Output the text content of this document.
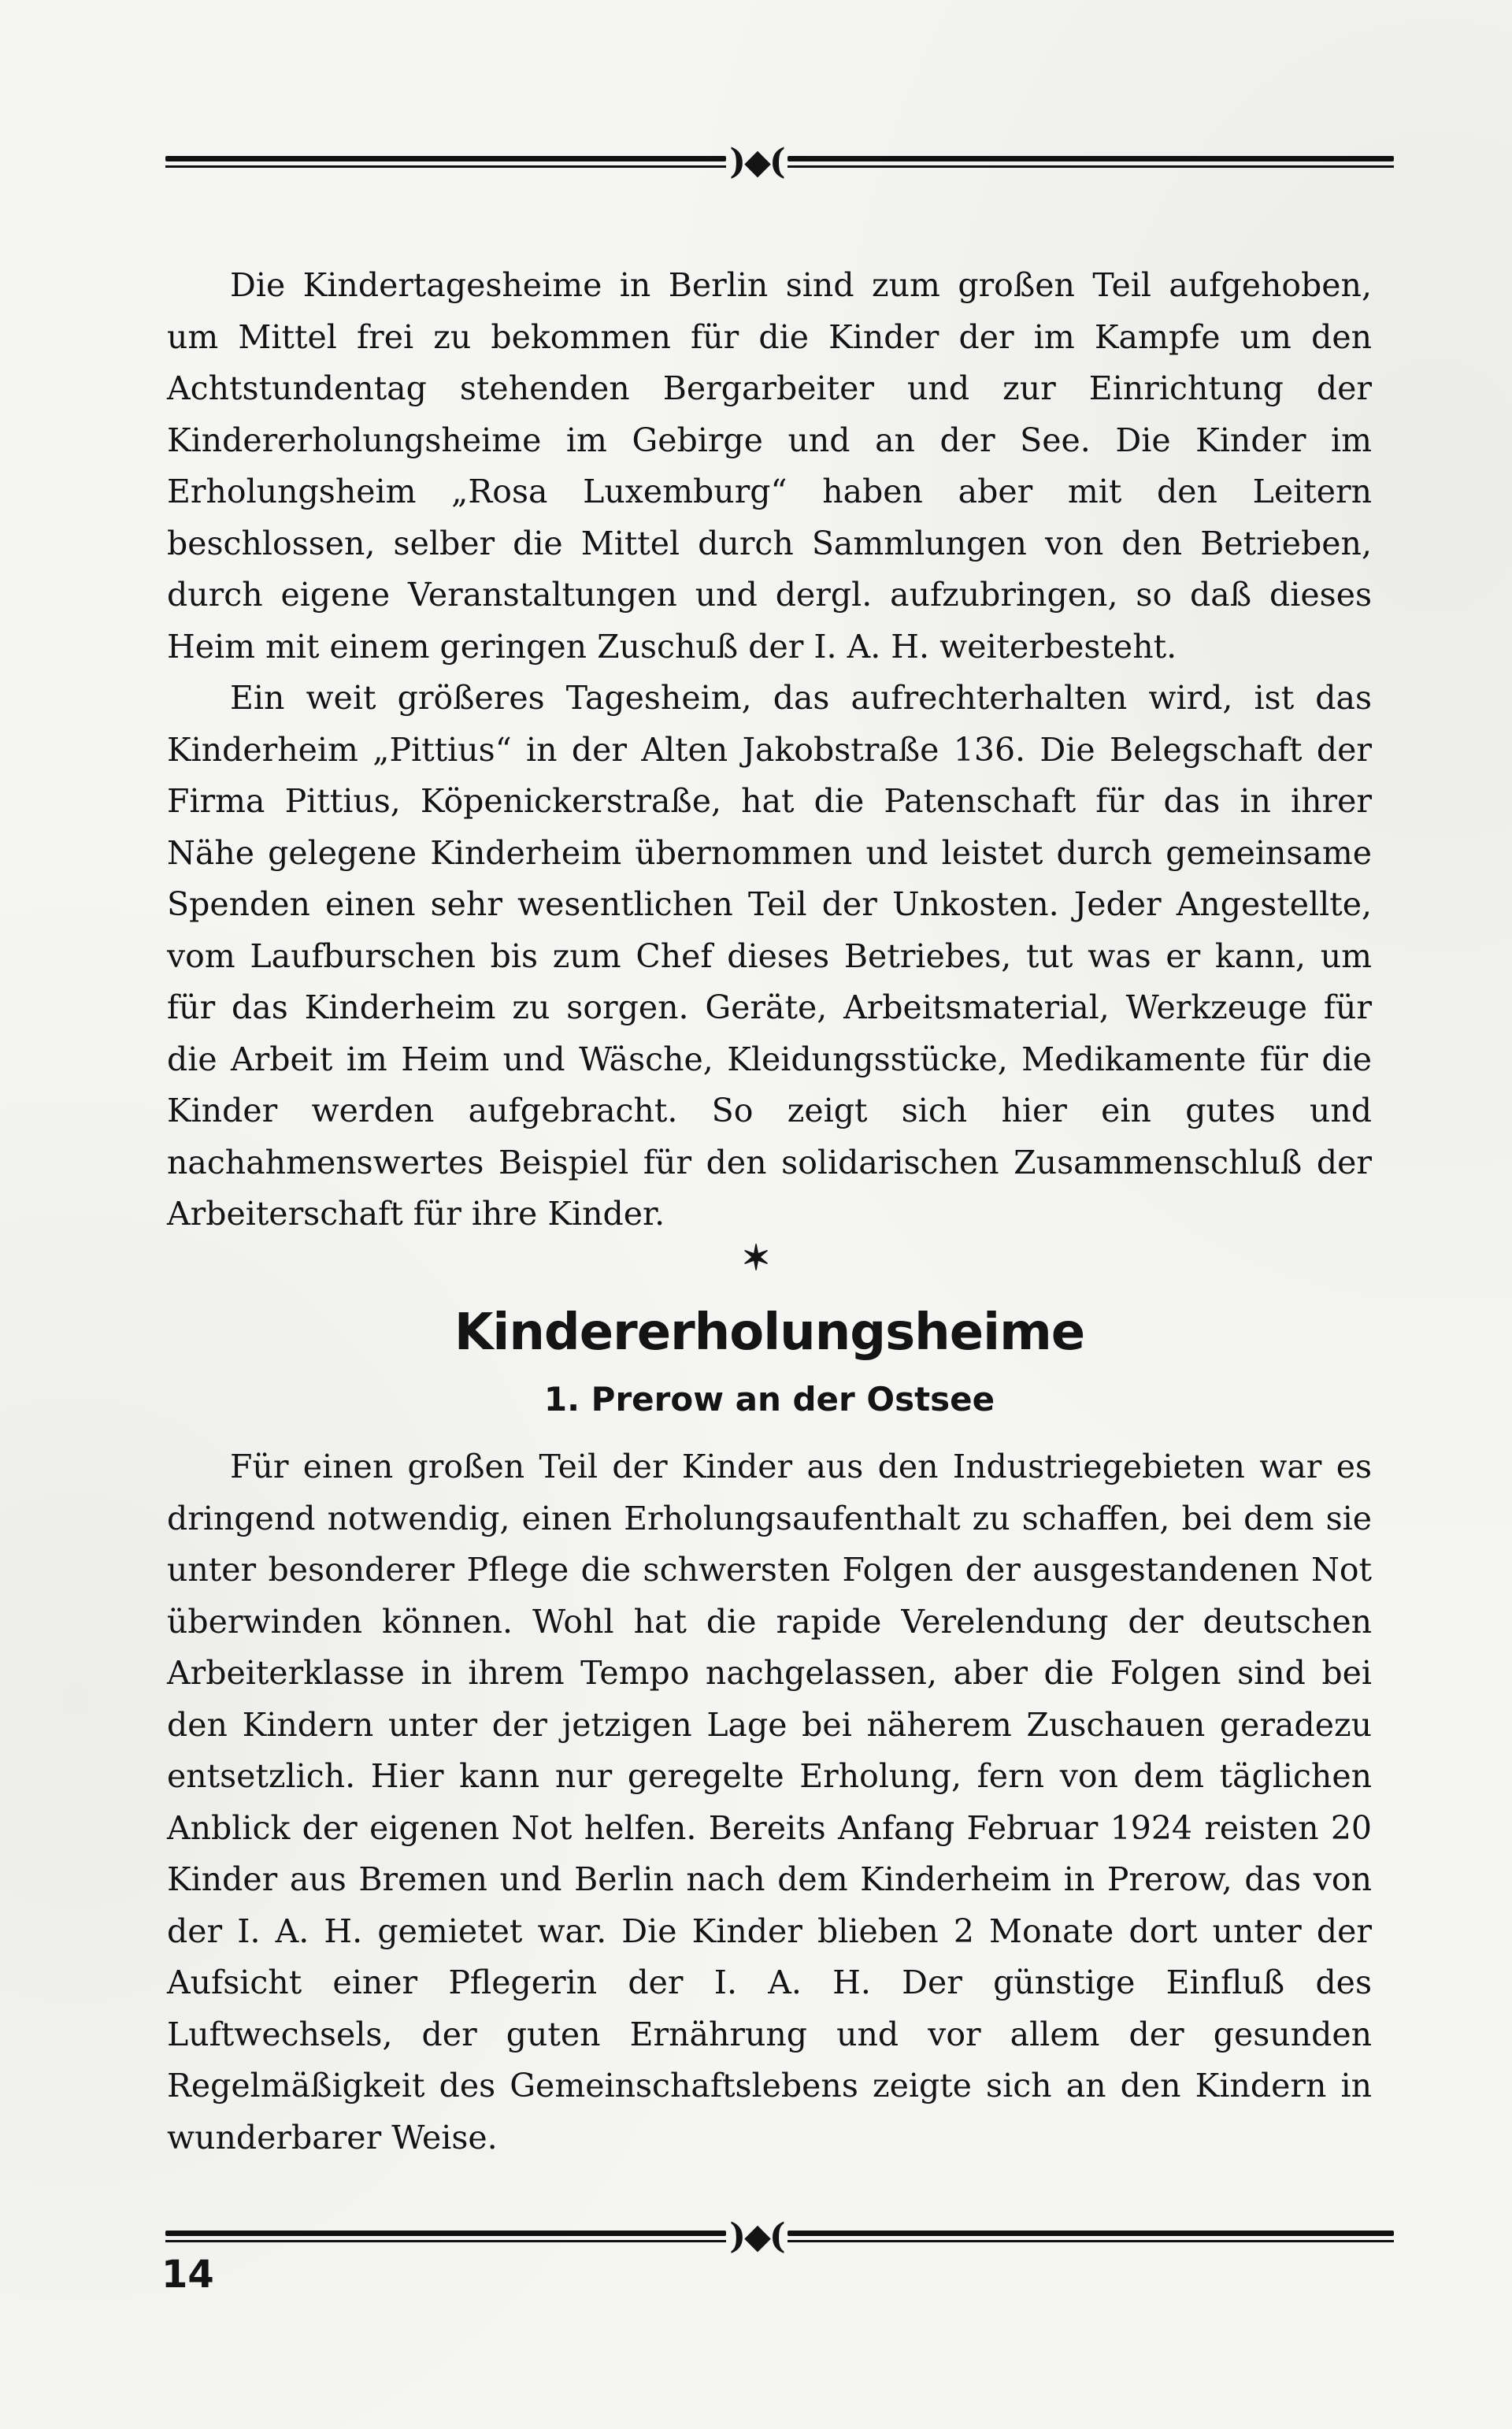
)◆(

Die Kindertagesheime in Berlin sind zum großen Teil aufgehoben, um Mittel frei zu bekommen für die Kinder der im Kampfe um den Achtstundentag stehenden Bergarbeiter und zur Einrichtung der Kindererholungsheime im Gebirge und an der See. Die Kinder im Erholungsheim „Rosa Luxemburg“ haben aber mit den Leitern beschlossen, selber die Mittel durch Sammlungen von den Betrieben, durch eigene Veranstaltungen und dergl. aufzubringen, so daß dieses Heim mit einem geringen Zuschuß der I. A. H. weiterbesteht.

Ein weit größeres Tagesheim, das aufrechterhalten wird, ist das Kinderheim „Pittius“ in der Alten Jakobstraße 136. Die Belegschaft der Firma Pittius, Köpenickerstraße, hat die Patenschaft für das in ihrer Nähe gelegene Kinderheim übernommen und leistet durch gemeinsame Spenden einen sehr wesentlichen Teil der Unkosten. Jeder Angestellte, vom Laufburschen bis zum Chef dieses Betriebes, tut was er kann, um für das Kinderheim zu sorgen. Geräte, Arbeitsmaterial, Werkzeuge für die Arbeit im Heim und Wäsche, Kleidungsstücke, Medikamente für die Kinder werden aufgebracht. So zeigt sich hier ein gutes und nachahmenswertes Beispiel für den solidarischen Zusammenschluß der Arbeiterschaft für ihre Kinder.

✶
Kindererholungsheime
1. Prerow an der Ostsee

Für einen großen Teil der Kinder aus den Industriegebieten war es dringend notwendig, einen Erholungsaufenthalt zu schaffen, bei dem sie unter besonderer Pflege die schwersten Folgen der ausgestandenen Not überwinden können. Wohl hat die rapide Verelendung der deutschen Arbeiterklasse in ihrem Tempo nachgelassen, aber die Folgen sind bei den Kindern unter der jetzigen Lage bei näherem Zuschauen geradezu entsetzlich. Hier kann nur geregelte Erholung, fern von dem täglichen Anblick der eigenen Not helfen. Bereits Anfang Februar 1924 reisten 20 Kinder aus Bremen und Berlin nach dem Kinderheim in Prerow, das von der I. A. H. gemietet war. Die Kinder blieben 2 Monate dort unter der Aufsicht einer Pflegerin der I. A. H. Der günstige Einfluß des Luftwechsels, der guten Ernährung und vor allem der gesunden Regelmäßigkeit des Gemeinschaftslebens zeigte sich an den Kindern in wunderbarer Weise.

)◆(
14
